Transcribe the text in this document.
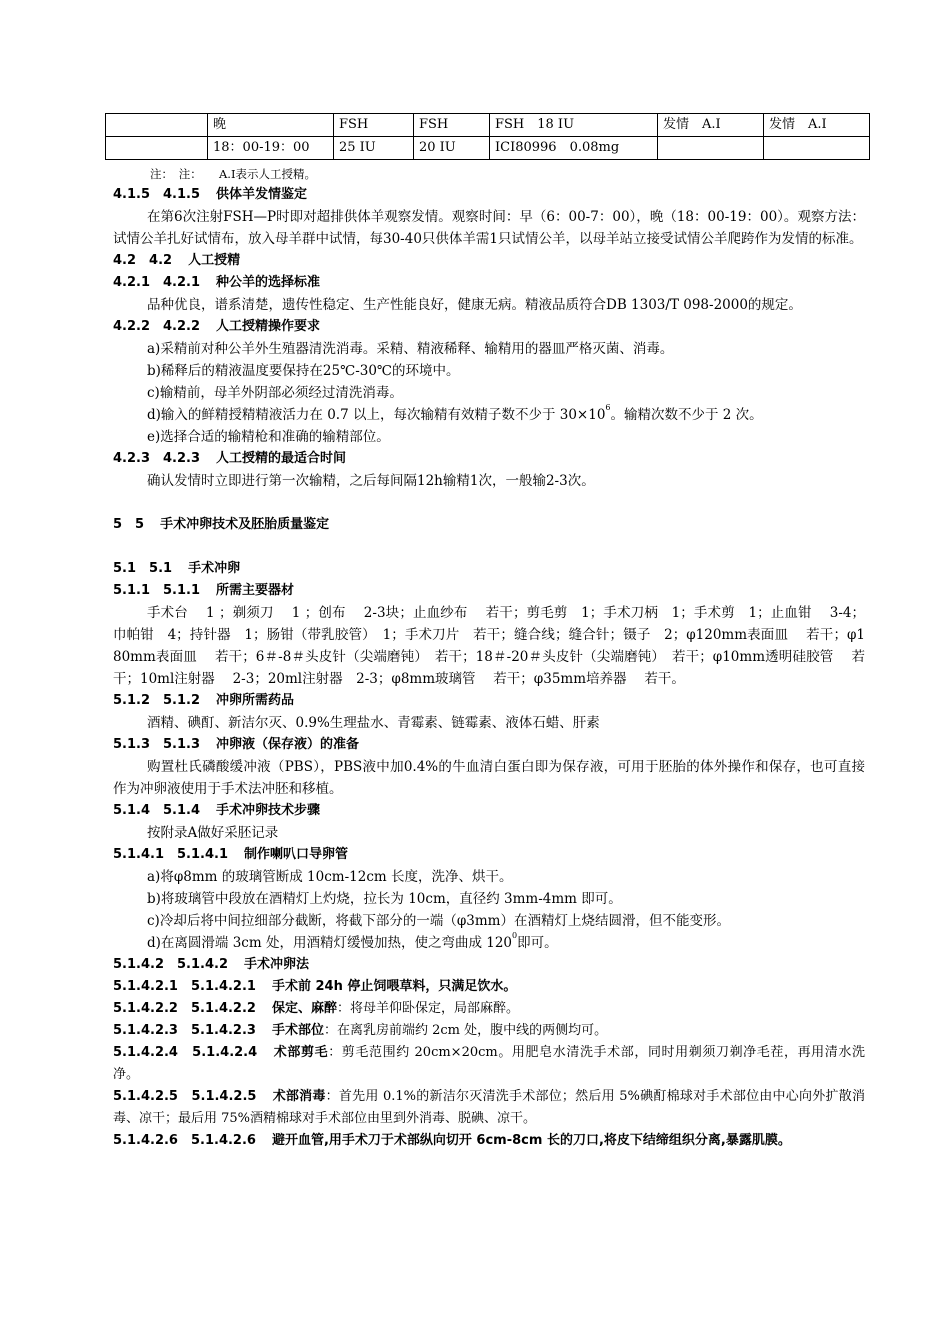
	晚	FSH	FSH	FSH　18 IU	发情　A.I	发情　A.I
	18：00-19：00	25 IU	20 IU	ICI80996　0.08mg		
注：　注：　　A.I表示人工授精。
4.1.5　4.1.5 供体羊发情鉴定
在第6次注射FSH—P时即对超排供体羊观察发情。观察时间：早（6：00-7：00），晚（18：00-19：00）。观察方法：试情公羊扎好试情布，放入母羊群中试情，每30-40只供体羊需1只试情公羊，以母羊站立接受试情公羊爬跨作为发情的标准。
4.2　4.2 人工授精
4.2.1　4.2.1 种公羊的选择标准
品种优良，谱系清楚，遗传性稳定、生产性能良好，健康无病。精液品质符合DB 1303/T 098-2000的规定。
4.2.2　4.2.2 人工授精操作要求
a)采精前对种公羊外生殖器清洗消毒。采精、精液稀释、输精用的器皿严格灭菌、消毒。
b)稀释后的精液温度要保持在25℃-30℃的环境中。
c)输精前，母羊外阴部必须经过清洗消毒。
d)输入的鲜精授精精液活力在 0.7 以上，每次输精有效精子数不少于 $30\times 10^6$。输精次数不少于 2 次。
e)选择合适的输精枪和准确的输精部位。
4.2.3　4.2.3 人工授精的最适合时间
确认发情时立即进行第一次输精，之后每间隔12h输精1次，一般输2-3次。
5　5 手术冲卵技术及胚胎质量鉴定
5.1　5.1 手术冲卵
5.1.1　5.1.1 所需主要器材
手术台　 1 ；剃须刀　 1 ；创布　 2-3块；止血纱布　 若干；剪毛剪　1；手术刀柄　1；手术剪　1；止血钳　 3-4；巾帕钳　4；持针器　1；肠钳（带乳胶管）　1；手术刀片　若干；缝合线；缝合针；镊子　2；φ120mm表面皿　 若干；φ180mm表面皿　 若干；6＃-8＃头皮针（尖端磨钝）　若干；18＃-20＃头皮针（尖端磨钝）　若干；φ10mm透明硅胶管　 若干；10ml注射器　 2-3；20ml注射器　2-3；φ8mm玻璃管　 若干；φ35mm培养器　 若干。
5.1.2　5.1.2 冲卵所需药品
酒精、碘酊、新洁尔灭、0.9%生理盐水、青霉素、链霉素、液体石蜡、肝素
5.1.3　5.1.3 冲卵液（保存液）的准备
购置杜氏磷酸缓冲液（PBS），PBS液中加0.4%的牛血清白蛋白即为保存液，可用于胚胎的体外操作和保存，也可直接作为冲卵液使用于手术法冲胚和移植。
5.1.4　5.1.4 手术冲卵技术步骤
按附录A做好采胚记录
5.1.4.1　5.1.4.1 制作喇叭口导卵管
a)将φ8mm 的玻璃管断成 10cm-12cm 长度，洗净、烘干。
b)将玻璃管中段放在酒精灯上灼烧，拉长为 10cm，直径约 3mm-4mm 即可。
c)冷却后将中间拉细部分截断，将截下部分的一端（φ3mm）在酒精灯上烧结圆滑，但不能变形。
d)在离圆滑端 3cm 处，用酒精灯缓慢加热，使之弯曲成 $120^0$即可。
5.1.4.2　5.1.4.2 手术冲卵法
5.1.4.2.1　5.1.4.2.1 手术前 24h 停止饲喂草料，只满足饮水。
5.1.4.2.2　5.1.4.2.2 保定、麻醉：将母羊仰卧保定，局部麻醉。
5.1.4.2.3　5.1.4.2.3 手术部位：在离乳房前端约 2cm 处，腹中线的两侧均可。
5.1.4.2.4　5.1.4.2.4 术部剪毛：剪毛范围约 20cm×20cm。用肥皂水清洗手术部，同时用剃须刀剃净毛茬，再用清水洗净。
5.1.4.2.5　5.1.4.2.5 术部消毒：首先用 0.1%的新洁尔灭清洗手术部位；然后用 5%碘酊棉球对手术部位由中心向外扩散消毒、凉干；最后用 75%酒精棉球对手术部位由里到外消毒、脱碘、凉干。
5.1.4.2.6　5.1.4.2.6 避开血管,用手术刀于术部纵向切开 6cm-8cm 长的刀口,将皮下结缔组织分离,暴露肌膜。
